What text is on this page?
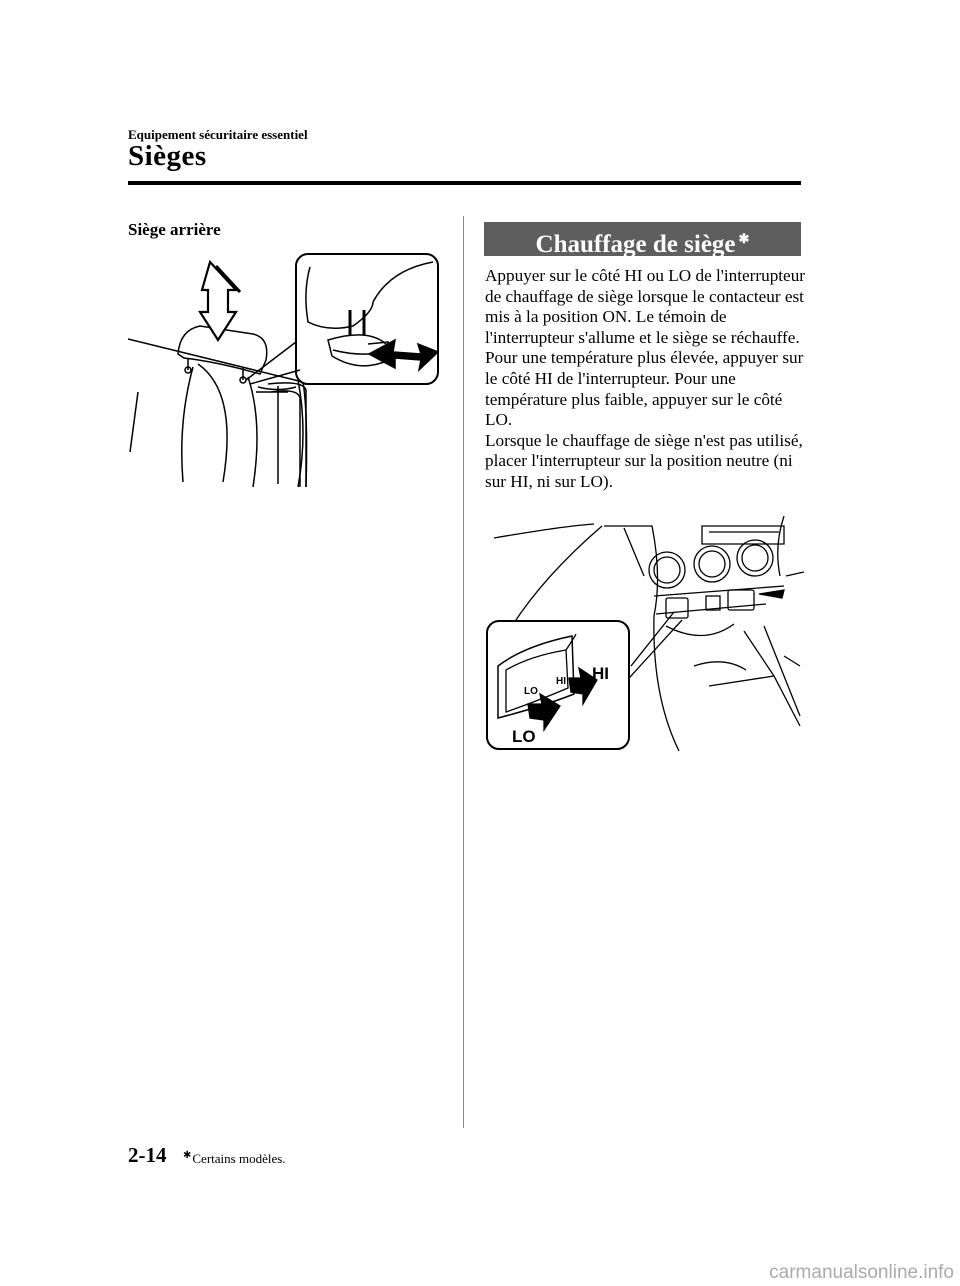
Equipement sécuritaire essentiel
Sièges
Siège arrière
Chauffage de siège ✱

Appuyer sur le côté HI ou LO de l'interrupteur de chauffage de siège lorsque le contacteur est mis à la position ON. Le témoin de l'interrupteur s'allume et le siège se réchauffe.

Pour une température plus élevée, appuyer sur le côté HI de l'interrupteur. Pour une température plus faible, appuyer sur le côté LO.

Lorsque le chauffage de siège n'est pas utilisé, placer l'interrupteur sur la position neutre (ni sur HI, ni sur LO).

LO
HI HI
LO
2-14 ✱Certains modèles.
carmanualsonline.info
